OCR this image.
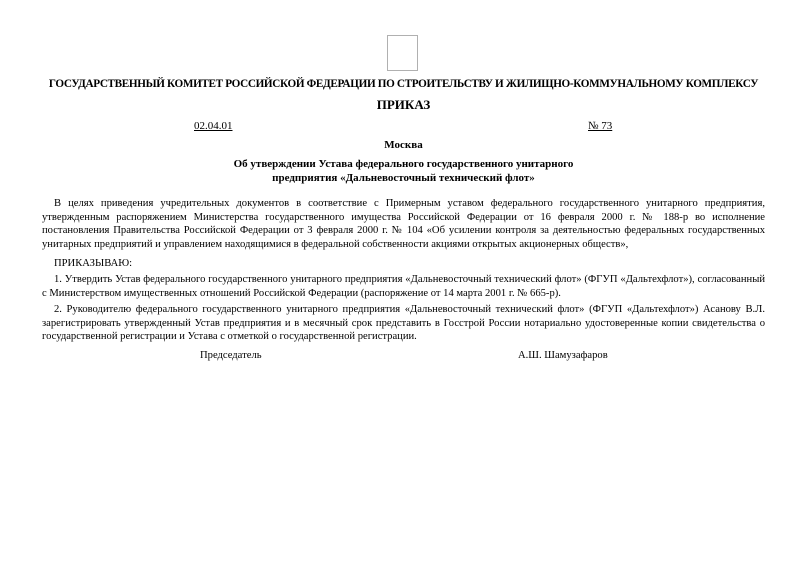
ГОСУДАРСТВЕННЫЙ КОМИТЕТ РОССИЙСКОЙ ФЕДЕРАЦИИ ПО СТРОИТЕЛЬСТВУ И ЖИЛИЩНО-КОММУНАЛЬНОМУ КОМПЛЕКСУ
ПРИКАЗ
02.04.01	№ 73
Москва
Об утверждении Устава федерального государственного унитарного
предприятия «Дальневосточный технический флот»

В целях приведения учредительных документов в соответствие с Примерным уставом федерального государственного унитарного предприятия, утвержденным распоряжением Министерства государственного имущества Российской Федерации от 16 февраля 2000 г. № 188-р во исполнение постановления Правительства Российской Федерации от 3 февраля 2000 г. № 104 «Об усилении контроля за деятельностью федеральных государственных унитарных предприятий и управлением находящимися в федеральной собственности акциями открытых акционерных обществ»,

ПРИКАЗЫВАЮ:

1. Утвердить Устав федерального государственного унитарного предприятия «Дальневосточный технический флот» (ФГУП «Дальтехфлот»), согласованный с Министерством имущественных отношений Российской Федерации (распоряжение от 14 марта 2001 г. № 665-р).

2. Руководителю федерального государственного унитарного предприятия «Дальневосточный технический флот» (ФГУП «Дальтехфлот») Асанову В.Л. зарегистрировать утвержденный Устав предприятия и в месячный срок представить в Госстрой России нотариально удостоверенные копии свидетельства о государственной регистрации и Устава с отметкой о государственной регистрации.

Председатель	А.Ш. Шамузафаров
